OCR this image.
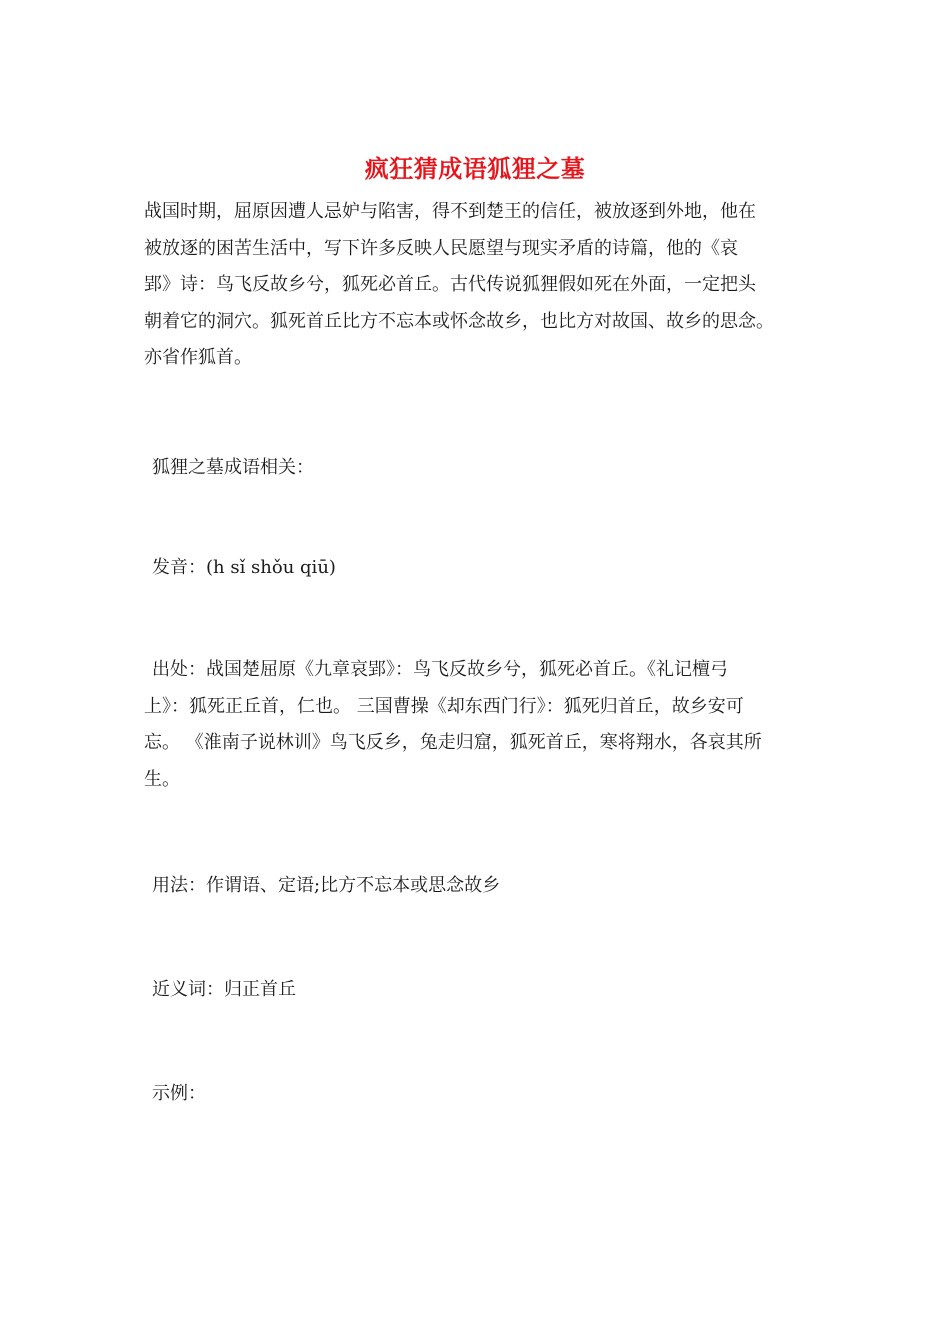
疯狂猜成语狐狸之墓
战国时期，屈原因遭人忌妒与陷害，得不到楚王的信任，被放逐到外地，他在
被放逐的困苦生活中，写下许多反映人民愿望与现实矛盾的诗篇，他的《哀
郢》诗：鸟飞反故乡兮，狐死必首丘。古代传说狐狸假如死在外面，一定把头
朝着它的洞穴。狐死首丘比方不忘本或怀念故乡，也比方对故国、故乡的思念。
亦省作狐首。
狐狸之墓成语相关：
发音：(h sǐ shǒu qiū)
出处：战国楚屈原《九章哀郢》：鸟飞反故乡兮，狐死必首丘。《礼记檀弓
上》：狐死正丘首，仁也。 三国曹操《却东西门行》：狐死归首丘，故乡安可
忘。 《淮南子说林训》鸟飞反乡，兔走归窟，狐死首丘，寒将翔水，各哀其所
生。
用法：作谓语、定语;比方不忘本或思念故乡
近义词：归正首丘
示例：
